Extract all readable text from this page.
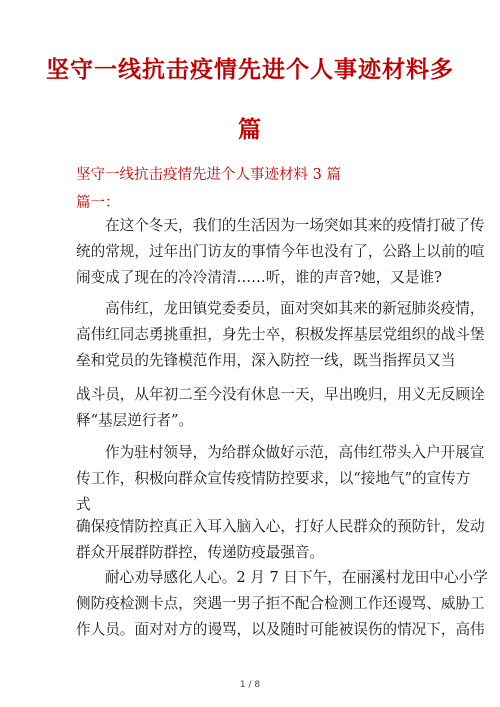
坚守一线抗击疫情先进个人事迹材料多
篇

坚守一线抗击疫情先进个人事迹材料 3 篇

篇一：

在这个冬天，我们的生活因为一场突如其来的疫情打破了传
统的常规，过年出门访友的事情今年也没有了，公路上以前的喧
闹变成了现在的冷冷清清……听，谁的声音?她，又是谁?
高伟红，龙田镇党委委员，面对突如其来的新冠肺炎疫情，
高伟红同志勇挑重担，身先士卒，积极发挥基层党组织的战斗堡
垒和党员的先锋模范作用，深入防控一线，既当指挥员又当
战斗员，从年初二至今没有休息一天，早出晚归，用义无反顾诠
释“基层逆行者”。
作为驻村领导，为给群众做好示范，高伟红带头入户开展宣
传工作，积极向群众宣传疫情防控要求，以“接地气”的宣传方
式
确保疫情防控真正入耳入脑入心，打好人民群众的预防针，发动
群众开展群防群控，传递防疫最强音。
耐心劝导感化人心。2 月 7 日下午，在丽溪村龙田中心小学
侧防疫检测卡点，突遇一男子拒不配合检测工作还谩骂、威胁工
作人员。面对对方的谩骂，以及随时可能被误伤的情况下，高伟
1 / 8
